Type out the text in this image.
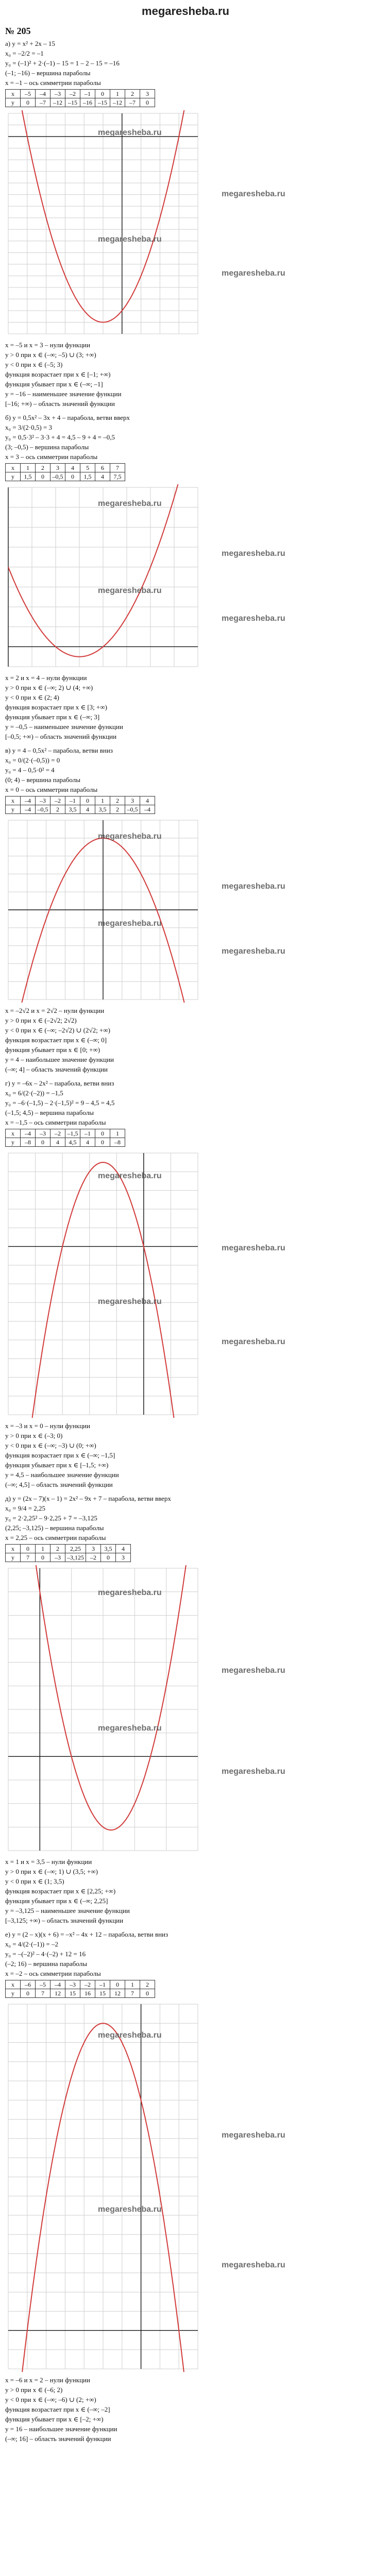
megaresheba.ru
№ 205
а) y = x² + 2x – 15
x₀ = –2/2 = –1
y₀ = (–1)² + 2·(–1) – 15 = 1 – 2 – 15 = –16
(–1; –16) – вершина параболы
x = –1 – ось симметрии параболы
x	–5	–4	–3	–2	–1	0	1	2	3
y	0	–7	–12	–15	–16	–15	–12	–7	0
megaresheba.ru
megaresheba.ru
megaresheba.ru
megaresheba.ru
x = –5 и x = 3 – нули функции
y > 0 при x ∈ (–∞; –5) ∪ (3; +∞)
y < 0 при x ∈ (–5; 3)
функция возрастает при x ∈ [–1; +∞)
функция убывает при x ∈ (–∞; –1]
y = –16 – наименьшее значение функции
[–16; +∞) – область значений функции
б) y = 0,5x² – 3x + 4 – парабола, ветви вверх
x₀ = 3/(2·0,5) = 3
y₀ = 0,5·3² – 3·3 + 4 = 4,5 – 9 + 4 = –0,5
(3; –0,5) – вершина параболы
x = 3 – ось симметрии параболы
x	1	2	3	4	5	6	7
y	1,5	0	–0,5	0	1,5	4	7,5
megaresheba.ru
megaresheba.ru
megaresheba.ru
megaresheba.ru
x = 2 и x = 4 – нули функции
y > 0 при x ∈ (–∞; 2) ∪ (4; +∞)
y < 0 при x ∈ (2; 4)
функция возрастает при x ∈ [3; +∞)
функция убывает при x ∈ (–∞; 3]
y = –0,5 – наименьшее значение функции
[–0,5; +∞) – область значений функции
в) y = 4 – 0,5x² – парабола, ветви вниз
x₀ = 0/(2·(–0,5)) = 0
y₀ = 4 – 0,5·0² = 4
(0; 4) – вершина параболы
x = 0 – ось симметрии параболы
x	–4	–3	–2	–1	0	1	2	3	4
y	–4	–0,5	2	3,5	4	3,5	2	–0,5	–4
megaresheba.ru
megaresheba.ru
megaresheba.ru
megaresheba.ru
x = –2√2 и x = 2√2 – нули функции
y > 0 при x ∈ (–2√2; 2√2)
y < 0 при x ∈ (–∞; –2√2) ∪ (2√2; +∞)
функция возрастает при x ∈ (–∞; 0]
функция убывает при x ∈ [0; +∞)
y = 4 – наибольшее значение функции
(–∞; 4] – область значений функции
г) y = –6x – 2x² – парабола, ветви вниз
x₀ = 6/(2·(–2)) = –1,5
y₀ = –6·(–1,5) – 2·(–1,5)² = 9 – 4,5 = 4,5
(–1,5; 4,5) – вершина параболы
x = –1,5 – ось симметрии параболы
x	–4	–3	–2	–1,5	–1	0	1
y	–8	0	4	4,5	4	0	–8
megaresheba.ru
megaresheba.ru
megaresheba.ru
megaresheba.ru
x = –3 и x = 0 – нули функции
y > 0 при x ∈ (–3; 0)
y < 0 при x ∈ (–∞; –3) ∪ (0; +∞)
функция возрастает при x ∈ (–∞; –1,5]
функция убывает при x ∈ [–1,5; +∞)
y = 4,5 – наибольшее значение функции
(–∞; 4,5] – область значений функции
д) y = (2x – 7)(x – 1) = 2x² – 9x + 7 – парабола, ветви вверх
x₀ = 9/4 = 2,25
y₀ = 2·2,25² – 9·2,25 + 7 = –3,125
(2,25; –3,125) – вершина параболы
x = 2,25 – ось симметрии параболы
x	0	1	2	2,25	3	3,5	4
y	7	0	–3	–3,125	–2	0	3
megaresheba.ru
megaresheba.ru
megaresheba.ru
megaresheba.ru
x = 1 и x = 3,5 – нули функции
y > 0 при x ∈ (–∞; 1) ∪ (3,5; +∞)
y < 0 при x ∈ (1; 3,5)
функция возрастает при x ∈ [2,25; +∞)
функция убывает при x ∈ (–∞; 2,25]
y = –3,125 – наименьшее значение функции
[–3,125; +∞) – область значений функции
е) y = (2 – x)(x + 6) = –x² – 4x + 12 – парабола, ветви вниз
x₀ = 4/(2·(–1)) = –2
y₀ = –(–2)² – 4·(–2) + 12 = 16
(–2; 16) – вершина параболы
x = –2 – ось симметрии параболы
x	–6	–5	–4	–3	–2	–1	0	1	2
y	0	7	12	15	16	15	12	7	0
megaresheba.ru
megaresheba.ru
megaresheba.ru
megaresheba.ru
x = –6 и x = 2 – нули функции
y > 0 при x ∈ (–6; 2)
y < 0 при x ∈ (–∞; –6) ∪ (2; +∞)
функция возрастает при x ∈ (–∞; –2]
функция убывает при x ∈ [–2; +∞)
y = 16 – наибольшее значение функции
(–∞; 16] – область значений функции
